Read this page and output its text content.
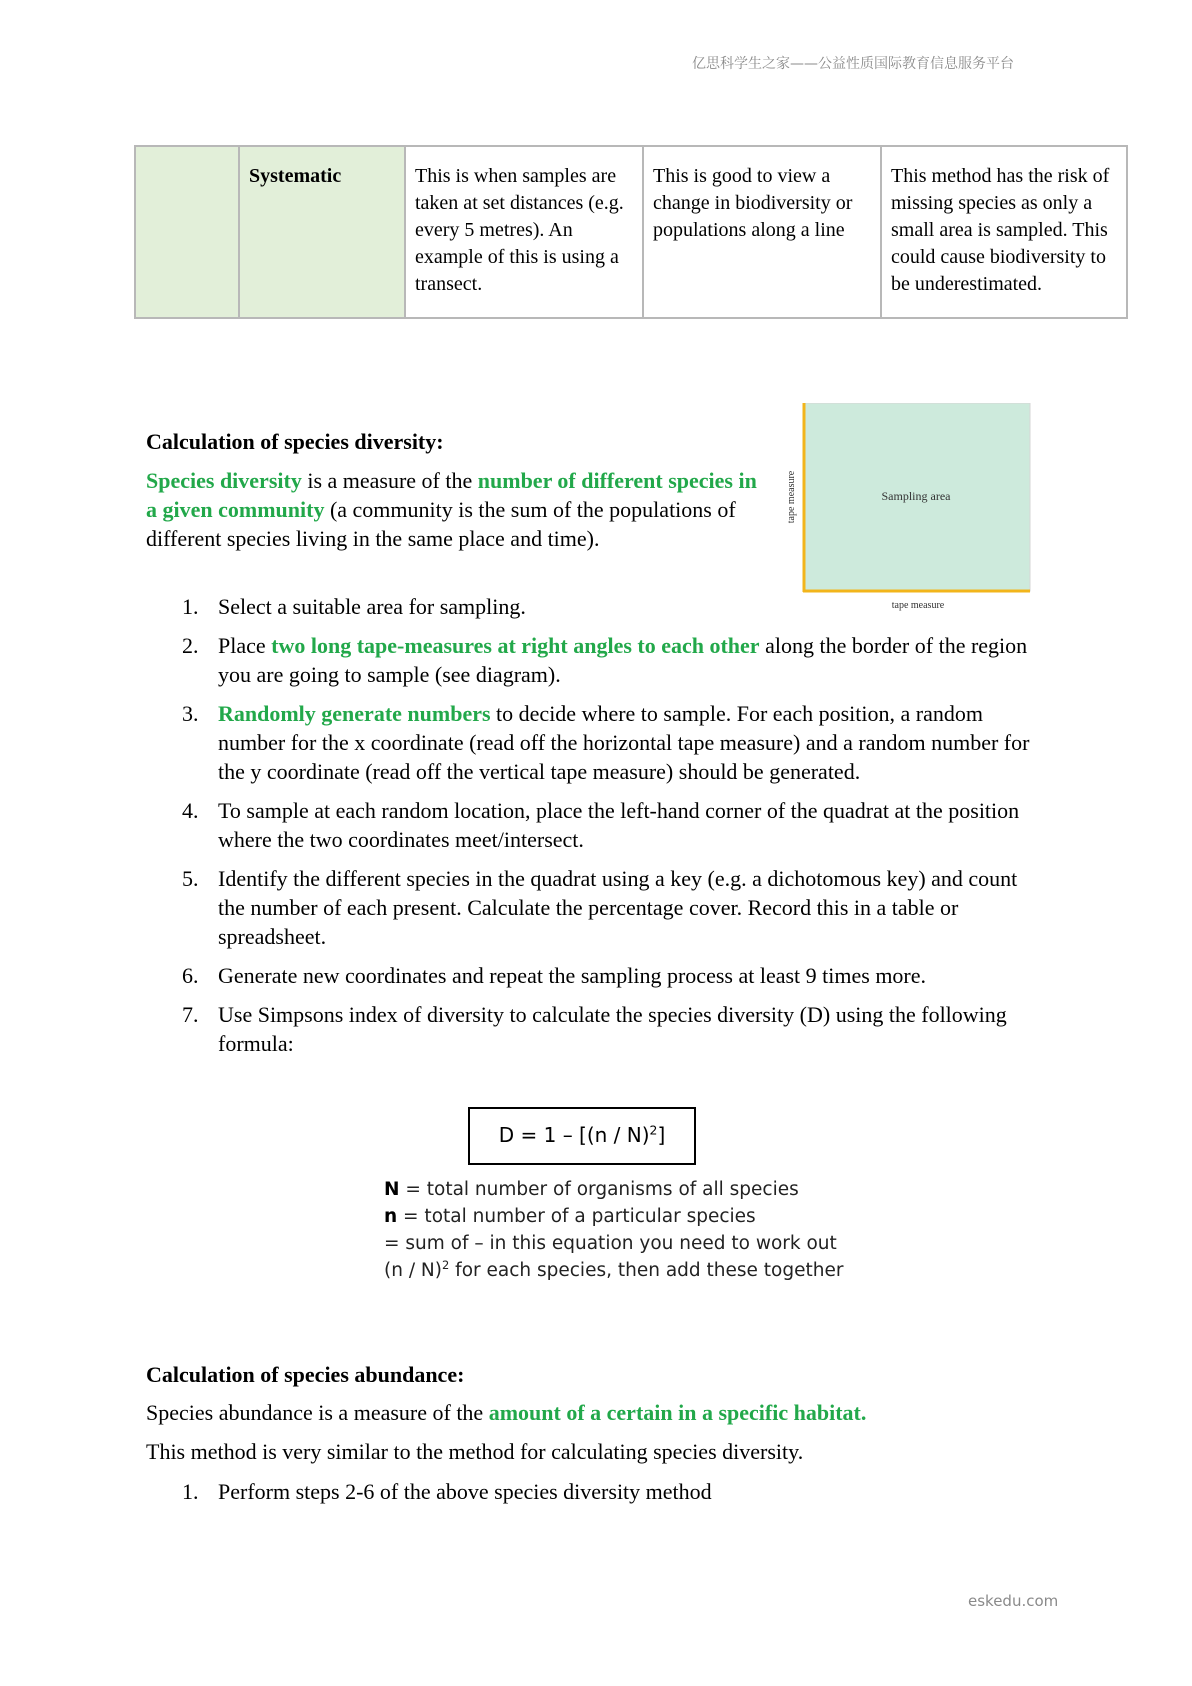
亿思科学生之家——公益性质国际教育信息服务平台
	Systematic	This is when samples are taken at set distances (e.g. every 5 metres). An example of this is using a transect.	This is good to view a change in biodiversity or populations along a line	This method has the risk of missing species as only a small area is sampled. This could cause biodiversity to be underestimated.
Calculation of species diversity:
Species diversity is a measure of the number of different species in a given community (a community is the sum of the populations of different species living in the same place and time).
Sampling area
tape measure
tape measure
1. Select a suitable area for sampling.
2. Place two long tape-measures at right angles to each other along the border of the region you are going to sample (see diagram).
3. Randomly generate numbers to decide where to sample. For each position, a random number for the x coordinate (read off the horizontal tape measure) and a random number for the y coordinate (read off the vertical tape measure) should be generated.
4. To sample at each random location, place the left-hand corner of the quadrat at the position where the two coordinates meet/intersect.
5. Identify the different species in the quadrat using a key (e.g. a dichotomous key) and count the number of each present. Calculate the percentage cover. Record this in a table or spreadsheet.
6. Generate new coordinates and repeat the sampling process at least 9 times more.
7. Use Simpsons index of diversity to calculate the species diversity (D) using the following formula:
D = 1 – [(n / N)$^2$]
N = total number of organisms of all species
n = total number of a particular species
= sum of – in this equation you need to work out
(n / N)$^2$ for each species, then add these together
Calculation of species abundance:
Species abundance is a measure of the amount of a certain in a specific habitat.
This method is very similar to the method for calculating species diversity.
1. Perform steps 2-6 of the above species diversity method
eskedu.com
